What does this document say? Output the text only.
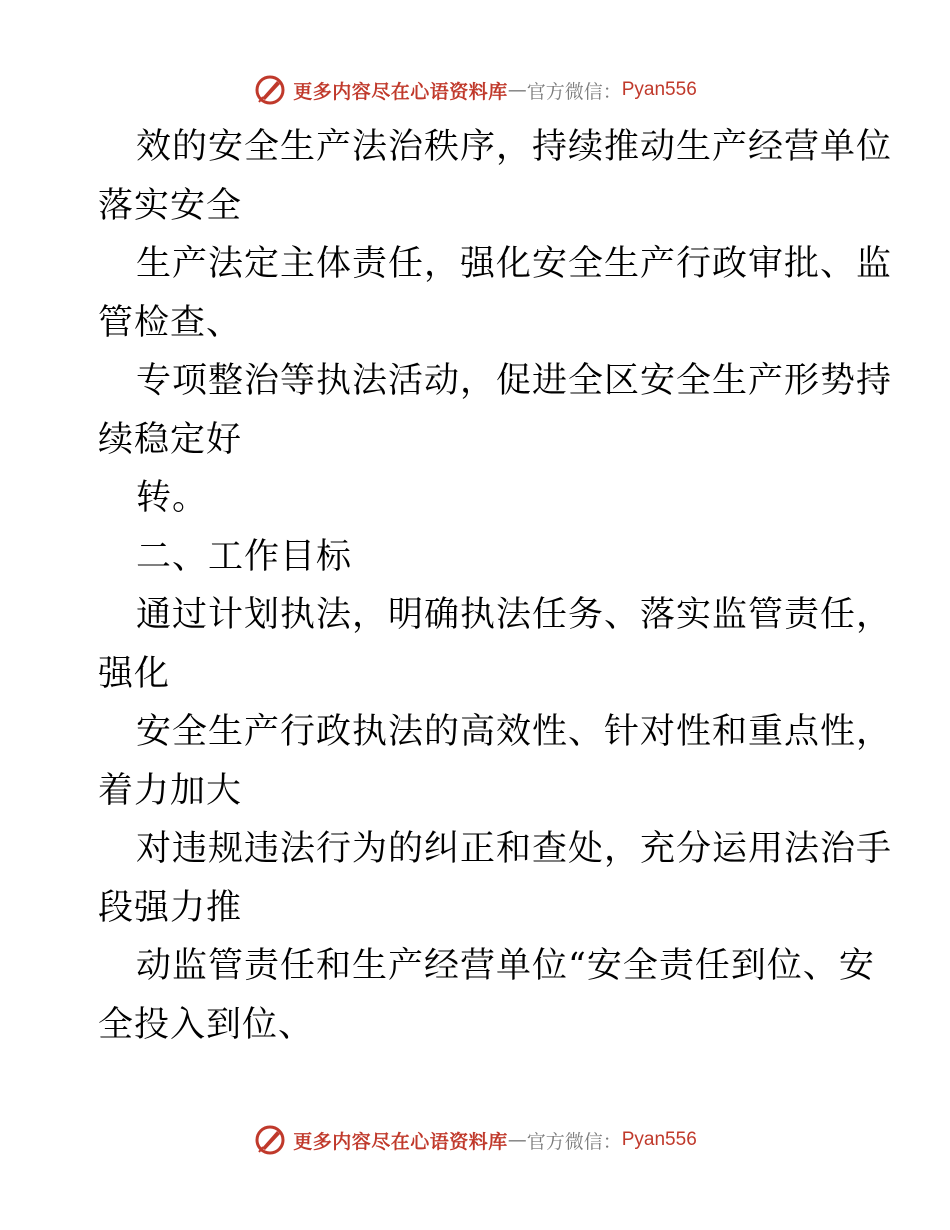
更多内容尽在心语资料库 — 官方微信： Pyan556
效的安全生产法治秩序，持续推动生产经营单位
落实安全
生产法定主体责任，强化安全生产行政审批、监
管检查、
专项整治等执法活动，促进全区安全生产形势持
续稳定好
转。
二、工作目标
通过计划执法，明确执法任务、落实监管责任，
强化
安全生产行政执法的高效性、针对性和重点性，
着力加大
对违规违法行为的纠正和查处，充分运用法治手
段强力推
动监管责任和生产经营单位“安全责任到位、安
全投入到位、
更多内容尽在心语资料库 — 官方微信： Pyan556
